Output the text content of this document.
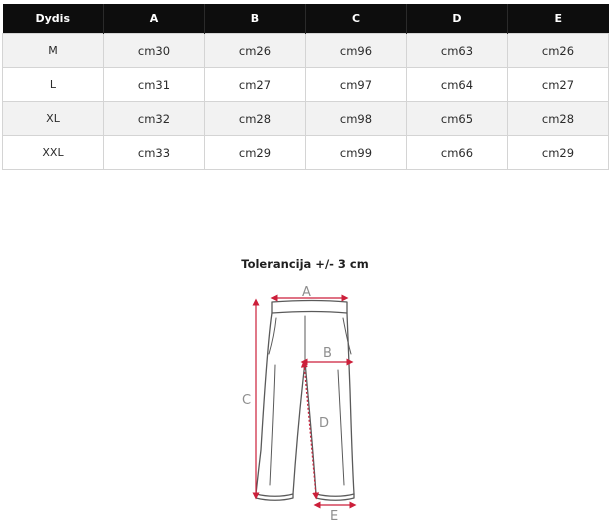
Dydis	A	B	C	D	E
M	cm30	cm26	cm96	cm63	cm26
L	cm31	cm27	cm97	cm64	cm27
XL	cm32	cm28	cm98	cm65	cm28
XXL	cm33	cm29	cm99	cm66	cm29
Tolerancija +/- 3 cm
A
B
C
D
E
